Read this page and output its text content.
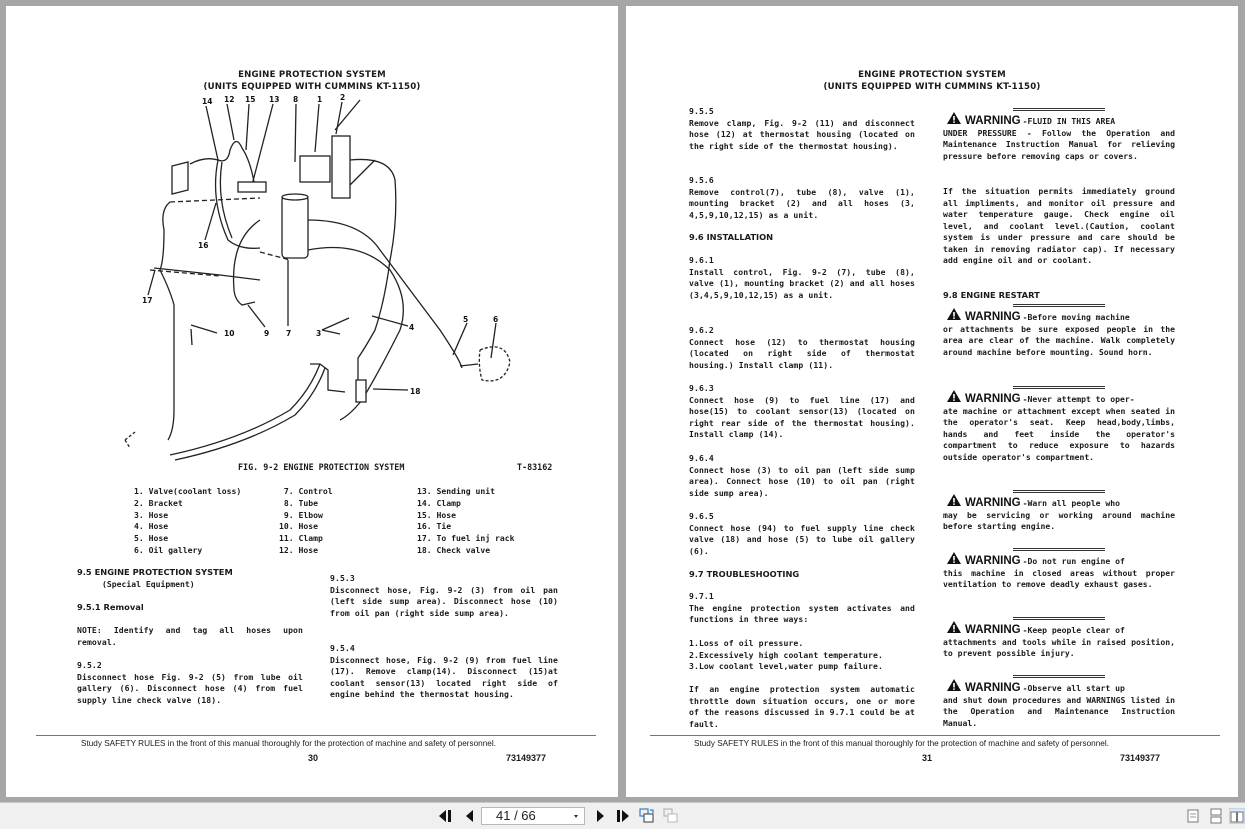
ENGINE PROTECTION SYSTEM
(UNITS EQUIPPED WITH CUMMINS KT-1150)
14 12 15 13 8	1 2
16
17
10	9 7	3
4
5	6
18
FIG. 9-2 ENGINE PROTECTION SYSTEM	T-83162
1. Valve(coolant loss)
2. Bracket
3. Hose
4. Hose
5. Hose
6. Oil gallery
7. Control
8. Tube
9. Elbow
10. Hose
11. Clamp
12. Hose
13. Sending unit
14. Clamp
15. Hose
16. Tie
17. To fuel inj rack
18. Check valve
9.5 ENGINE PROTECTION SYSTEM
(Special Equipment)
9.5.1 Removal
NOTE: Identify and tag all hoses upon removal.
9.5.2

Disconnect hose Fig. 9-2 (5) from lube oil gallery (6). Disconnect hose (4) from fuel supply line check valve (18).

9.5.3

Disconnect hose, Fig. 9-2 (3) from oil pan (left side sump area). Disconnect hose (10) from oil pan (right side sump area).

9.5.4

Disconnect hose, Fig. 9-2 (9) from fuel line (17). Remove clamp(14). Disconnect (15)at coolant sensor(13) located right side of engine behind the thermostat housing.

Study SAFETY RULES in the front of this manual thoroughly for the protection of machine and safety of personnel.
30	73149377
ENGINE PROTECTION SYSTEM
(UNITS EQUIPPED WITH CUMMINS KT-1150)
9.5.5

Remove clamp, Fig. 9-2 (11) and disconnect hose (12) at thermostat housing (located on the right side of the thermostat housing).

9.5.6

Remove control(7), tube (8), valve (1), mounting bracket (2) and all hoses (3, 4,5,9,10,12,15) as a unit.

9.6 INSTALLATION
9.6.1

Install control, Fig. 9-2 (7), tube (8), valve (1), mounting bracket (2) and all hoses (3,4,5,9,10,12,15) as a unit.

9.6.2

Connect hose (12) to thermostat housing (located on right side of thermostat housing.) Install clamp (11).

9.6.3

Connect hose (9) to fuel line (17) and hose(15) to coolant sensor(13) (located on right rear side of the thermostat housing). Install clamp (14).

9.6.4

Connect hose (3) to oil pan (left side sump area). Connect hose (10) to oil pan (right side sump area).

9.6.5

Connect hose (94) to fuel supply line check valve (18) and hose (5) to lube oil gallery (6).

9.7 TROUBLESHOOTING
9.7.1

The engine protection system activates and functions in three ways:

1.Loss of oil pressure.
2.Excessively high coolant temperature.
3.Low coolant level,water pump failure.
If an engine protection system automatic throttle down situation occurs, one or more of the reasons discussed in 9.7.1 could be at fault.
WARNING -FLUID IN THIS AREA
UNDER PRESSURE - Follow the Operation and Maintenance Instruction Manual for relieving pressure before removing caps or covers.
If the situation permits immediately ground all impliments, and monitor oil pressure and water temperature gauge. Check engine oil level, and coolant level.(Caution, coolant system is under pressure and care should be taken in removing radiator cap). If necessary add engine oil and or coolant.
9.8 ENGINE RESTART
WARNING -Before moving machine
or attachments be sure exposed people in the area are clear of the machine. Walk completely around machine before mounting. Sound horn.
WARNING -Never attempt to oper-
ate machine or attachment except when seated in the operator's seat. Keep head,body,limbs, hands and feet inside the operator's compartment to reduce exposure to hazards outside operator's compartment.
WARNING -Warn all people who
may be servicing or working around machine before starting engine.
WARNING -Do not run engine of
this machine in closed areas without proper ventilation to remove deadly exhaust gases.
WARNING -Keep people clear of
attachments and tools while in raised position, to prevent possible injury.
WARNING -Observe all start up
and shut down procedures and WARNINGS listed in the Operation and Maintenance Instruction Manual.
Study SAFETY RULES in the front of this manual thoroughly for the protection of machine and safety of personnel.
31	73149377
41 / 66
